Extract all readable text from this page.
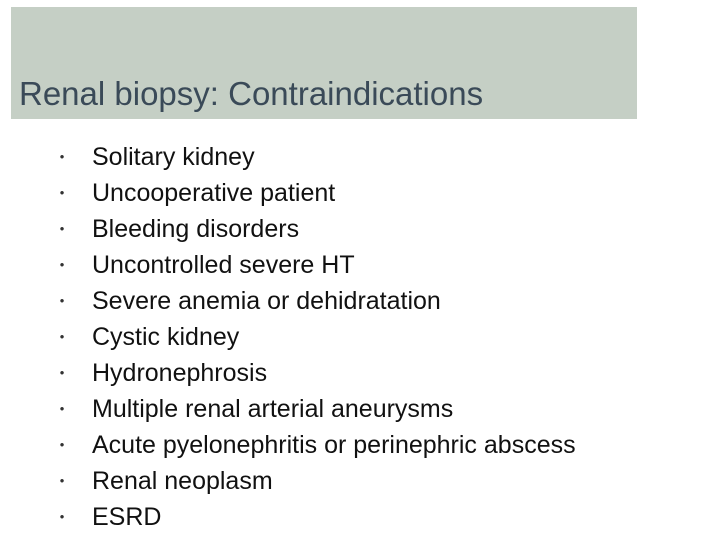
Renal biopsy: Contraindications
• Solitary kidney
• Uncooperative patient
• Bleeding disorders
• Uncontrolled severe HT
• Severe anemia or dehidratation
• Cystic kidney
• Hydronephrosis
• Multiple renal arterial aneurysms
• Acute pyelonephritis or perinephric abscess
• Renal neoplasm
• ESRD
